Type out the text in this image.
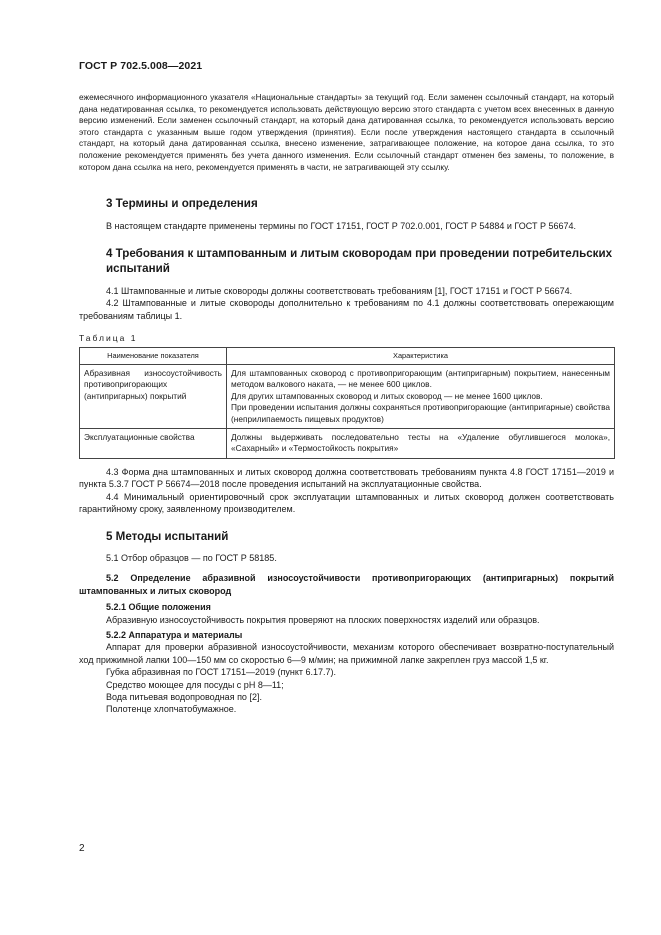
ГОСТ Р 702.5.008—2021

ежемесячного информационного указателя «Национальные стандарты» за текущий год. Если заменен ссылочный стандарт, на который дана недатированная ссылка, то рекомендуется использовать действующую версию этого стандарта с учетом всех внесенных в данную версию изменений. Если заменен ссылочный стандарт, на который дана датированная ссылка, то рекомендуется использовать версию этого стандарта с указанным выше годом утверждения (принятия). Если после утверждения настоящего стандарта в ссылочный стандарт, на который дана датированная ссылка, внесено изменение, затрагивающее положение, на которое дана ссылка, то это положение рекомендуется применять без учета данного изменения. Если ссылочный стандарт отменен без замены, то положение, в котором дана ссылка на него, рекомендуется применять в части, не затрагивающей эту ссылку.

3 Термины и определения

В настоящем стандарте применены термины по ГОСТ 17151, ГОСТ Р 702.0.001, ГОСТ Р 54884 и ГОСТ Р 56674.

4 Требования к штампованным и литым сковородам при проведении потребительских испытаний

4.1 Штампованные и литые сковороды должны соответствовать требованиям [1], ГОСТ 17151 и ГОСТ Р 56674.

4.2 Штампованные и литые сковороды дополнительно к требованиям по 4.1 должны соответствовать опережающим требованиям таблицы 1.

Таблица 1

Наименование показателя	Характеристика
Абразивная износоустойчивость противопригорающих (антипригарных) покрытий	Для штампованных сковород с противопригорающим (антипригарным) покрытием, нанесенным методом валкового наката, — не менее 600 циклов.
Для других штампованных сковород и литых сковород — не менее 1600 циклов.
При проведении испытания должны сохраняться противопригорающие (антипригарные) свойства (неприлипаемость пищевых продуктов)

Эксплуатационные свойства	Должны выдерживать последовательно тесты на «Удаление обуглившегося молока», «Сахарный» и «Термостойкость покрытия»

4.3 Форма дна штампованных и литых сковород должна соответствовать требованиям пункта 4.8 ГОСТ 17151—2019 и пункта 5.3.7 ГОСТ Р 56674—2018 после проведения испытаний на эксплуатационные свойства.

4.4 Минимальный ориентировочный срок эксплуатации штампованных и литых сковород должен соответствовать гарантийному сроку, заявленному производителем.

5 Методы испытаний

5.1 Отбор образцов — по ГОСТ Р 58185.

5.2 Определение абразивной износоустойчивости противопригорающих (антипригарных) покрытий штампованных и литых сковород
5.2.1 Общие положения

Абразивную износоустойчивость покрытия проверяют на плоских поверхностях изделий или образцов.

5.2.2 Аппаратура и материалы

Аппарат для проверки абразивной износоустойчивости, механизм которого обеспечивает возвратно-поступательный ход прижимной лапки 100—150 мм со скоростью 6—9 м/мин; на прижимной лапке закреплен груз массой 1,5 кг.

Губка абразивная по ГОСТ 17151—2019 (пункт 6.17.7).

Средство моющее для посуды с pH 8—11;

Вода питьевая водопроводная по [2].

Полотенце хлопчатобумажное.

2
